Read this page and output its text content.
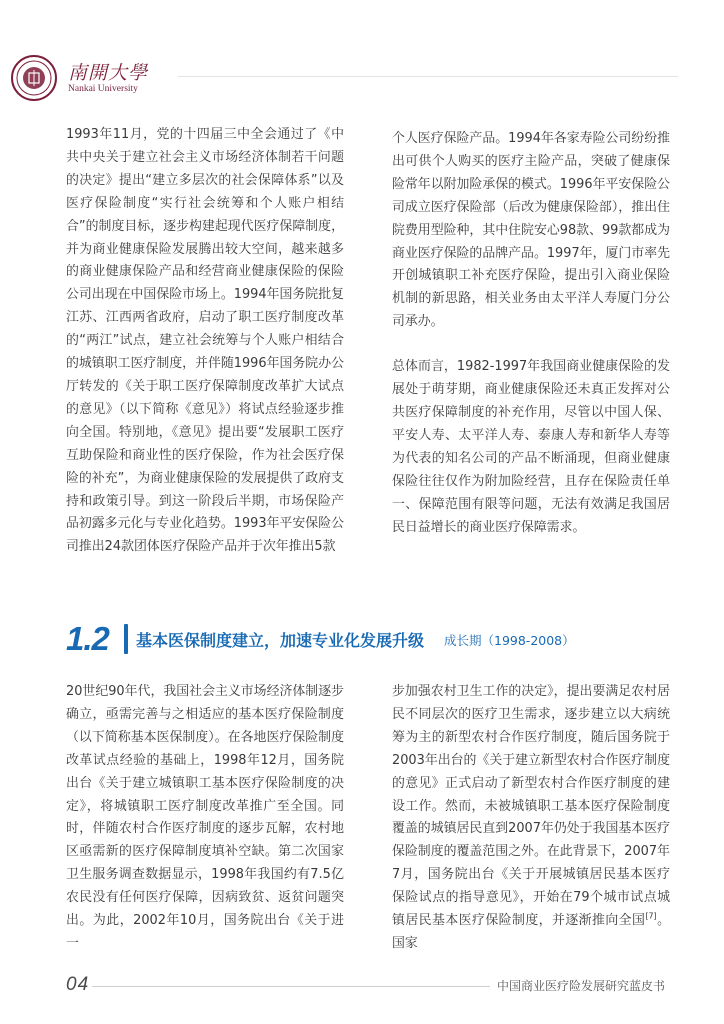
南開大學
Nankai University

1993年11月，党的十四届三中全会通过了《中共中央关于建立社会主义市场经济体制若干问题的决定》提出“建立多层次的社会保障体系”以及医疗保险制度“实行社会统筹和个人账户相结合”的制度目标，逐步构建起现代医疗保障制度，并为商业健康保险发展腾出较大空间，越来越多的商业健康保险产品和经营商业健康保险的保险公司出现在中国保险市场上。1994年国务院批复江苏、江西两省政府，启动了职工医疗制度改革的“两江”试点，建立社会统筹与个人账户相结合的城镇职工医疗制度，并伴随1996年国务院办公厅转发的《关于职工医疗保障制度改革扩大试点的意见》（以下简称《意见》）将试点经验逐步推向全国。特别地，《意见》提出要“发展职工医疗互助保险和商业性的医疗保险，作为社会医疗保险的补充”，为商业健康保险的发展提供了政府支持和政策引导。到这一阶段后半期，市场保险产品初露多元化与专业化趋势。1993年平安保险公司推出24款团体医疗保险产品并于次年推出5款

个人医疗保险产品。1994年各家寿险公司纷纷推出可供个人购买的医疗主险产品，突破了健康保险常年以附加险承保的模式。1996年平安保险公司成立医疗保险部（后改为健康保险部），推出住院费用型险种，其中住院安心98款、99款都成为商业医疗保险的品牌产品。1997年，厦门市率先开创城镇职工补充医疗保险，提出引入商业保险机制的新思路，相关业务由太平洋人寿厦门分公司承办。

总体而言，1982-1997年我国商业健康保险的发展处于萌芽期，商业健康保险还未真正发挥对公共医疗保障制度的补充作用，尽管以中国人保、平安人寿、太平洋人寿、泰康人寿和新华人寿等为代表的知名公司的产品不断涌现，但商业健康保险往往仅作为附加险经营，且存在保险责任单一、保障范围有限等问题，无法有效满足我国居民日益增长的商业医疗保障需求。

1.2 基本医保制度建立，加速专业化发展升级 成长期（1998-2008）

20世纪90年代，我国社会主义市场经济体制逐步确立，亟需完善与之相适应的基本医疗保险制度（以下简称基本医保制度）。在各地医疗保险制度改革试点经验的基础上，1998年12月，国务院出台《关于建立城镇职工基本医疗保险制度的决定》，将城镇职工医疗制度改革推广至全国。同时，伴随农村合作医疗制度的逐步瓦解，农村地区亟需新的医疗保障制度填补空缺。第二次国家卫生服务调查数据显示，1998年我国约有7.5亿农民没有任何医疗保障，因病致贫、返贫问题突出。为此，2002年10月，国务院出台《关于进一

步加强农村卫生工作的决定》，提出要满足农村居民不同层次的医疗卫生需求，逐步建立以大病统筹为主的新型农村合作医疗制度，随后国务院于2003年出台的《关于建立新型农村合作医疗制度的意见》正式启动了新型农村合作医疗制度的建设工作。然而，未被城镇职工基本医疗保险制度覆盖的城镇居民直到2007年仍处于我国基本医疗保险制度的覆盖范围之外。在此背景下，2007年7月，国务院出台《关于开展城镇居民基本医疗保险试点的指导意见》，开始在79个城市试点城镇居民基本医疗保险制度，并逐渐推向全国[7]。国家

04	中国商业医疗险发展研究蓝皮书
